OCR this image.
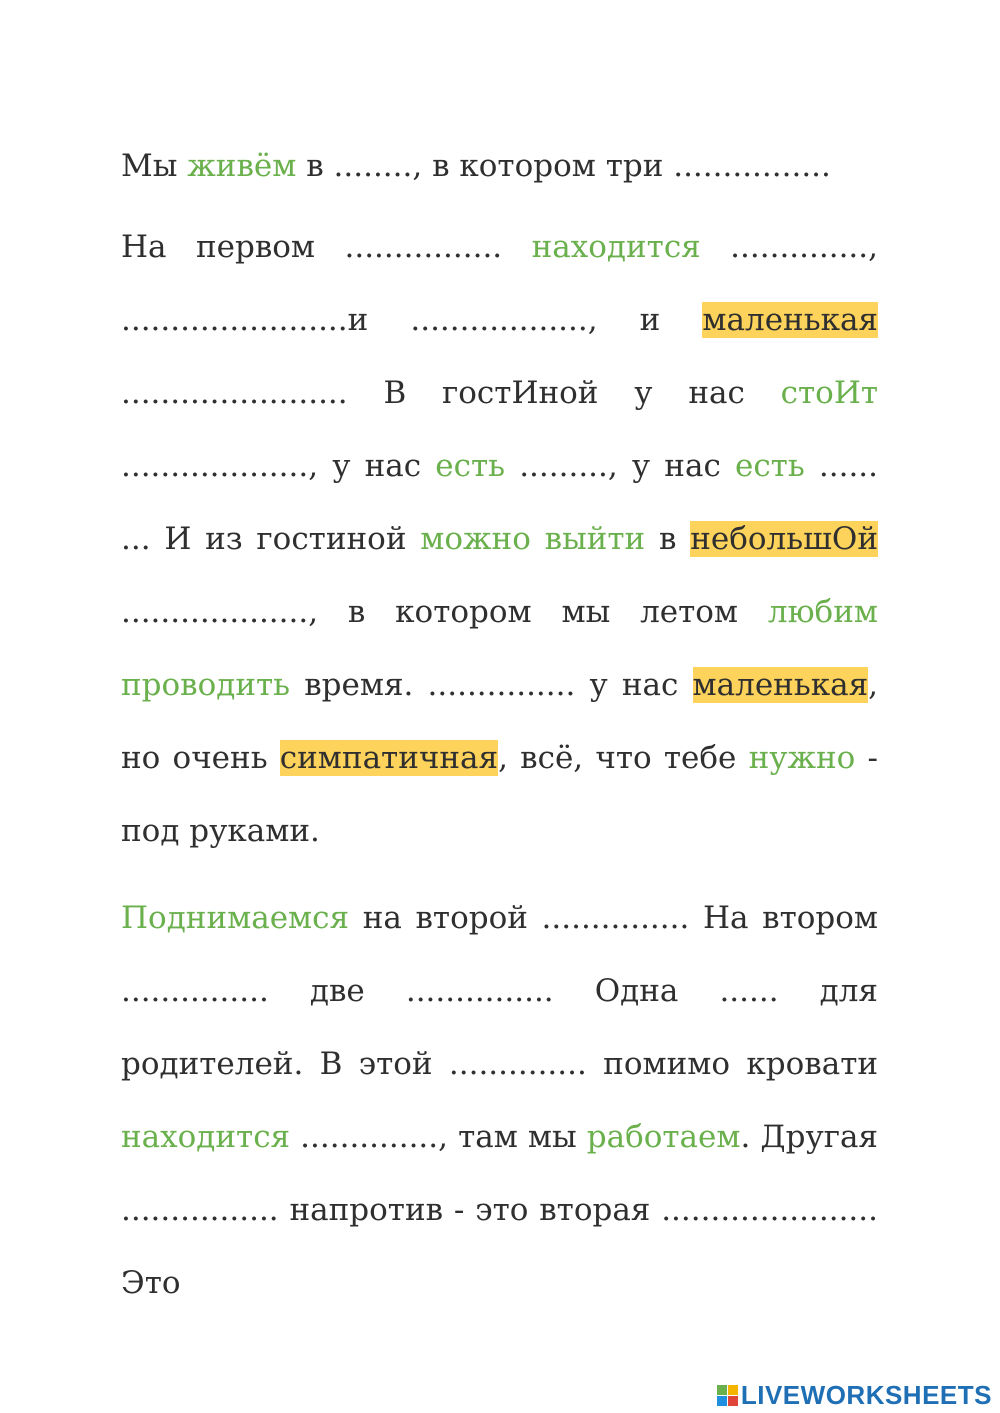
Мы живём в ........, в котором три ................

На первом ................ находится .............., .......................и .................., и маленькая ....................... В гостИной у нас стоИт ..................., у нас есть ........., у нас есть ...... ... И из гостиной можно выйти в небольшОй ..................., в котором мы летом любим проводить время. ............... у нас маленькая, но очень симпатичная, всё, что тебе нужно - под руками.

Поднимаемся на второй ............... На втором ............... две ............... Одна ...... для родителей. В этой .............. помимо кровати находится .............., там мы работаем. Другая ................ напротив - это вторая ...................... Это

LIVEWORKSHEETS
